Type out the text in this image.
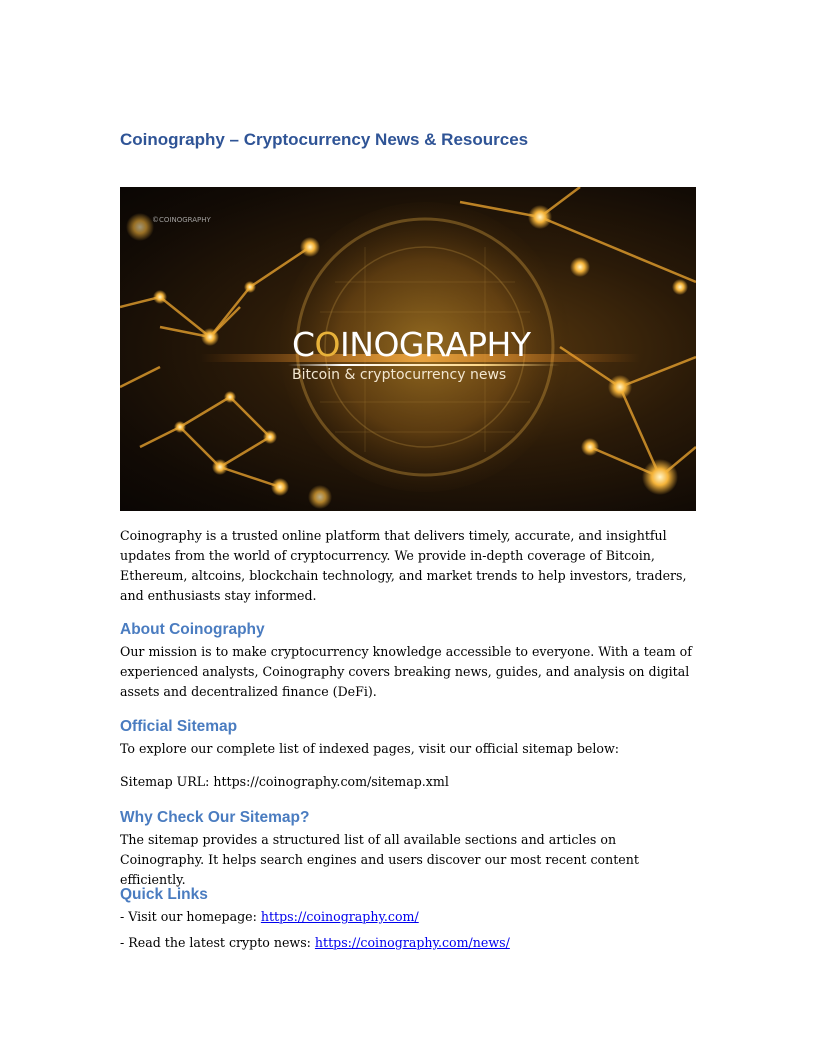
Coinography – Cryptocurrency News & Resources
©COINOGRAPHY
COINOGRAPHY
Bitcoin & cryptocurrency news

Coinography is a trusted online platform that delivers timely, accurate, and insightful updates from the world of cryptocurrency. We provide in-depth coverage of Bitcoin, Ethereum, altcoins, blockchain technology, and market trends to help investors, traders, and enthusiasts stay informed.

About Coinography

Our mission is to make cryptocurrency knowledge accessible to everyone. With a team of experienced analysts, Coinography covers breaking news, guides, and analysis on digital assets and decentralized finance (DeFi).

Official Sitemap

To explore our complete list of indexed pages, visit our official sitemap below:

Sitemap URL: https://coinography.com/sitemap.xml

Why Check Our Sitemap?

The sitemap provides a structured list of all available sections and articles on Coinography. It helps search engines and users discover our most recent content efficiently.

Quick Links

- Visit our homepage: https://coinography.com/

- Read the latest crypto news: https://coinography.com/news/
